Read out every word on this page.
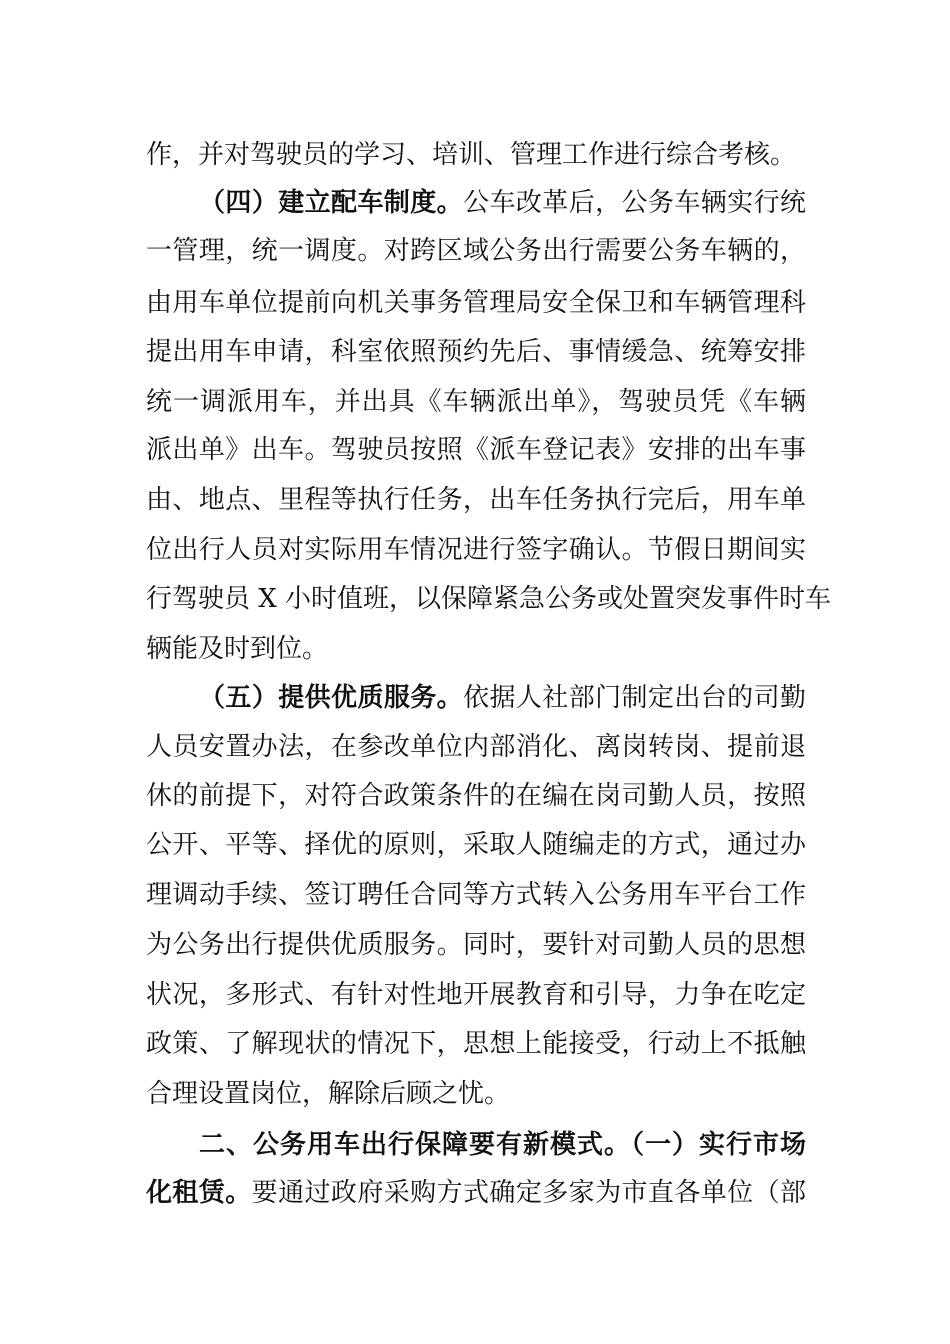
作，并对驾驶员的学习、培训、管理工作进行综合考核。
（四）建立配车制度。公车改革后，公务车辆实行统
一管理，统一调度。对跨区域公务出行需要公务车辆的，
由用车单位提前向机关事务管理局安全保卫和车辆管理科
提出用车申请，科室依照预约先后、事情缓急、统筹安排
统一调派用车，并出具《车辆派出单》，驾驶员凭《车辆
派出单》出车。驾驶员按照《派车登记表》安排的出车事
由、地点、里程等执行任务，出车任务执行完后，用车单
位出行人员对实际用车情况进行签字确认。节假日期间实
行驾驶员 X 小时值班，以保障紧急公务或处置突发事件时车
辆能及时到位。
（五）提供优质服务。依据人社部门制定出台的司勤
人员安置办法，在参改单位内部消化、离岗转岗、提前退
休的前提下，对符合政策条件的在编在岗司勤人员，按照
公开、平等、择优的原则，采取人随编走的方式，通过办
理调动手续、签订聘任合同等方式转入公务用车平台工作
为公务出行提供优质服务。同时，要针对司勤人员的思想
状况，多形式、有针对性地开展教育和引导，力争在吃定
政策、了解现状的情况下，思想上能接受，行动上不抵触
合理设置岗位，解除后顾之忧。
二、公务用车出行保障要有新模式。（一）实行市场
化租赁。要通过政府采购方式确定多家为市直各单位（部
